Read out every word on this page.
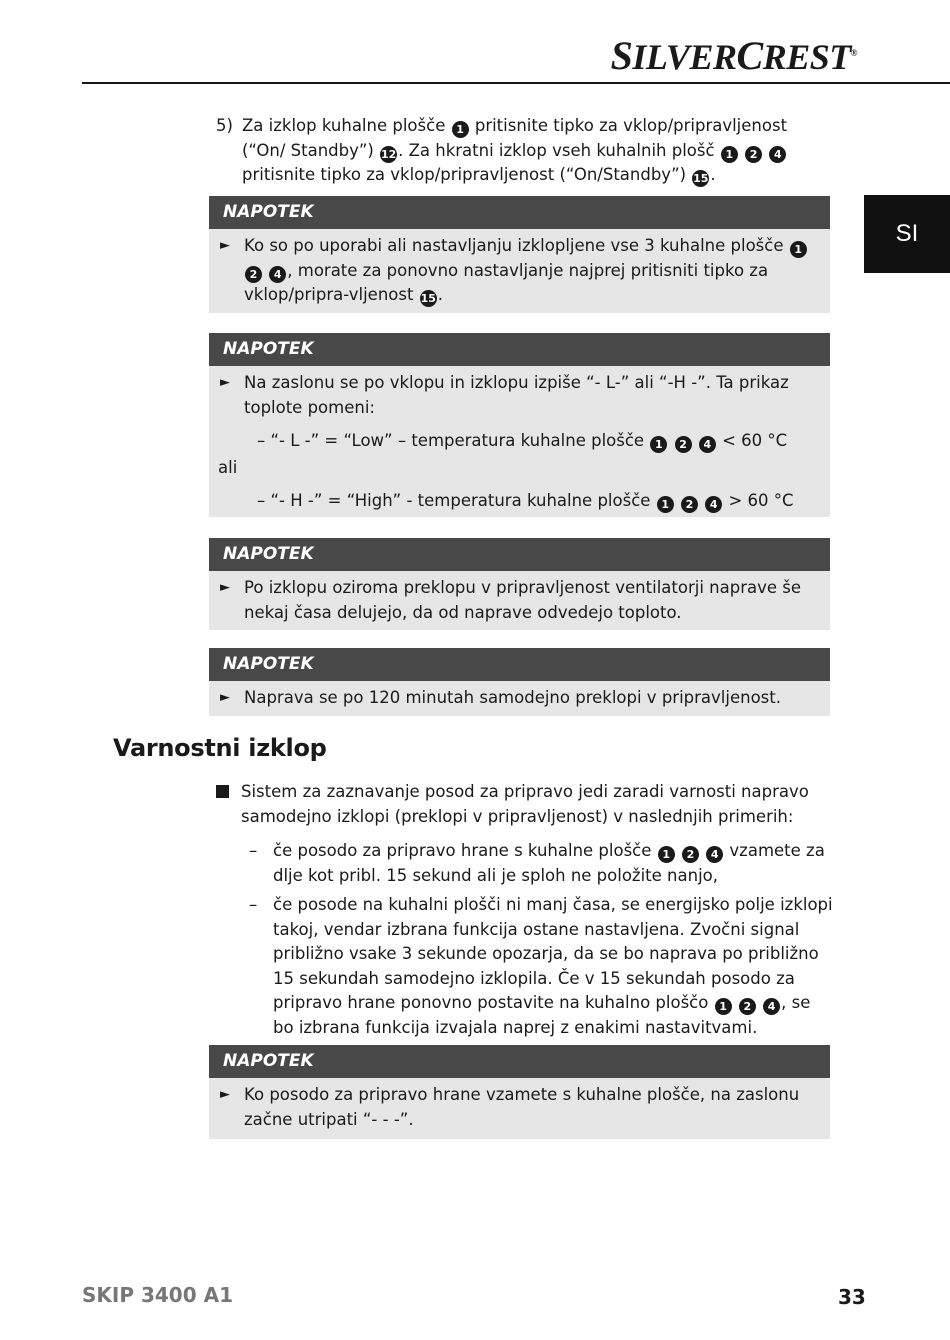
SILVERCREST®
SI
5) Za izklop kuhalne plošče 1 pritisnite tipko za vklop/pripravljenost (“On/ Standby”) 12 . Za hkratni izklop vseh kuhalnih plošč 1 2 4 pritisnite tipko za vklop/pripravljenost (“On/Standby”) 15 .
NAPOTEK
► Ko so po uporabi ali nastavljanju izklopljene vse 3 kuhalne plošče 1 2 4 , morate za ponovno nastavljanje najprej pritisniti tipko za vklop/pripra-vljenost 15 .
NAPOTEK
► Na zaslonu se po vklopu in izklopu izpiše “- L-” ali “-H -”. Ta prikaz toplote pomeni:
– “- L -” = “Low” – temperatura kuhalne plošče 1 2 4 < 60 °C
ali
– “- H -” = “High” - temperatura kuhalne plošče 1 2 4 > 60 °C
NAPOTEK
► Po izklopu oziroma preklopu v pripravljenost ventilatorji naprave še nekaj časa delujejo, da od naprave odvedejo toploto.
NAPOTEK
► Naprava se po 120 minutah samodejno preklopi v pripravljenost.
Varnostni izklop
Sistem za zaznavanje posod za pripravo jedi zaradi varnosti napravo samodejno izklopi (preklopi v pripravljenost) v naslednjih primerih:
– če posodo za pripravo hrane s kuhalne plošče 1 2 4 vzamete za dlje kot pribl. 15 sekund ali je sploh ne položite nanjo,
– če posode na kuhalni plošči ni manj časa, se energijsko polje izklopi takoj, vendar izbrana funkcija ostane nastavljena. Zvočni signal približno vsake 3 sekunde opozarja, da se bo naprava po približno 15 sekundah samodejno izklopila. Če v 15 sekundah posodo za pripravo hrane ponovno postavite na kuhalno ploščo 1 2 4 , se bo izbrana funkcija izvajala naprej z enakimi nastavitvami.
NAPOTEK
► Ko posodo za pripravo hrane vzamete s kuhalne plošče, na zaslonu začne utripati “- - -”.
SKIP 3400 A1	33
